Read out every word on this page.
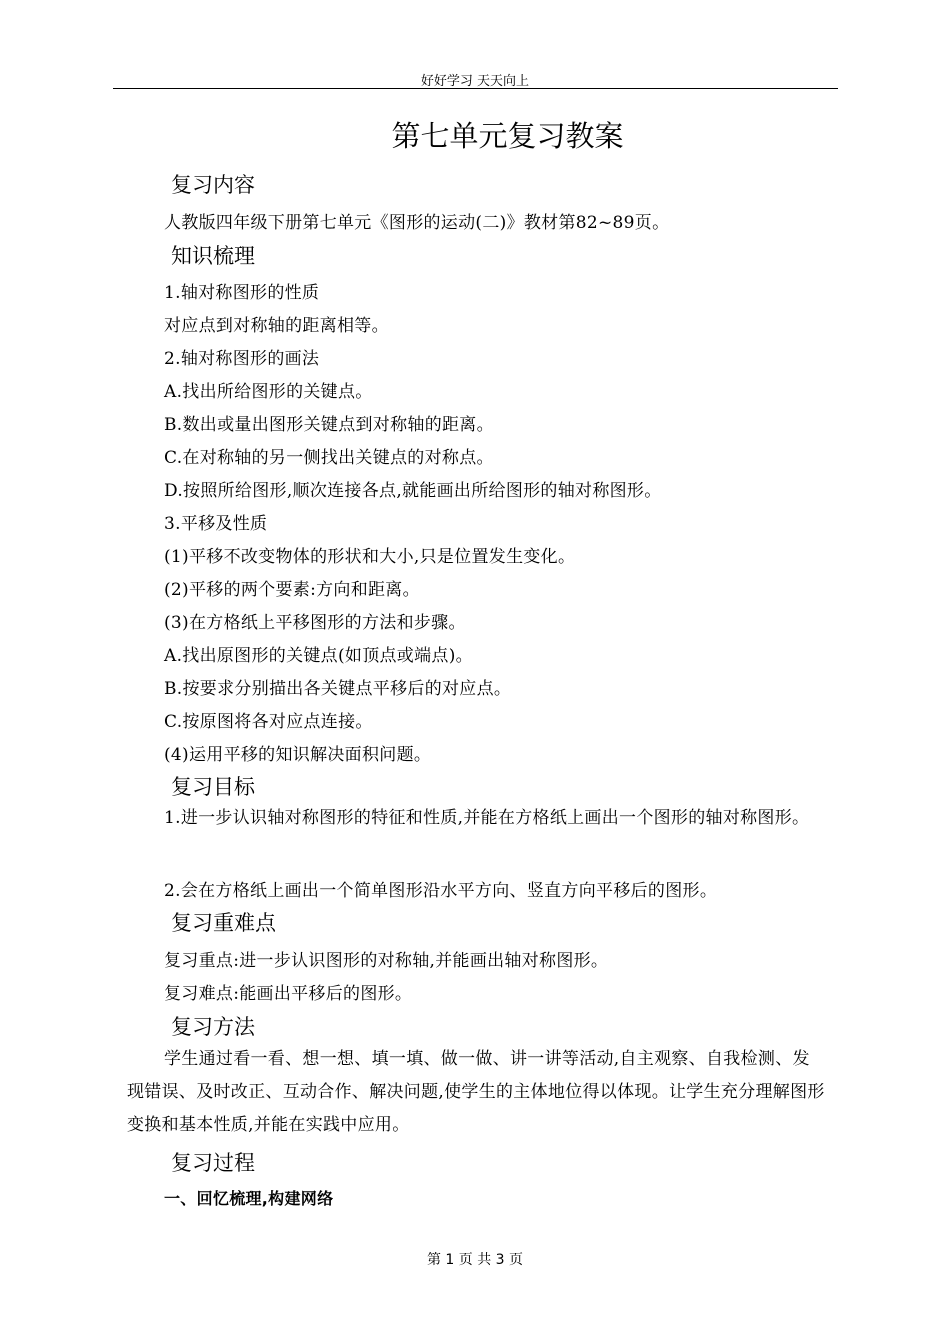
好好学习 天天向上
第七单元复习教案
复习内容
人教版四年级下册第七单元《图形的运动(二)》教材第82~89页。
知识梳理
1.轴对称图形的性质
对应点到对称轴的距离相等。
2.轴对称图形的画法
A.找出所给图形的关键点。
B.数出或量出图形关键点到对称轴的距离。
C.在对称轴的另一侧找出关键点的对称点。
D.按照所给图形,顺次连接各点,就能画出所给图形的轴对称图形。
3.平移及性质
(1)平移不改变物体的形状和大小,只是位置发生变化。
(2)平移的两个要素:方向和距离。
(3)在方格纸上平移图形的方法和步骤。
A.找出原图形的关键点(如顶点或端点)。
B.按要求分别描出各关键点平移后的对应点。
C.按原图将各对应点连接。
(4)运用平移的知识解决面积问题。
复习目标
1.进一步认识轴对称图形的特征和性质,并能在方格纸上画出一个图形的轴对称图形。
2.会在方格纸上画出一个简单图形沿水平方向、竖直方向平移后的图形。
复习重难点
复习重点:进一步认识图形的对称轴,并能画出轴对称图形。
复习难点:能画出平移后的图形。
复习方法
学生通过看一看、想一想、填一填、做一做、讲一讲等活动,自主观察、自我检测、发现错误、及时改正、互动合作、解决问题,使学生的主体地位得以体现。让学生充分理解图形变换和基本性质,并能在实践中应用。
复习过程
一、回忆梳理,构建网络
第 1 页 共 3 页
